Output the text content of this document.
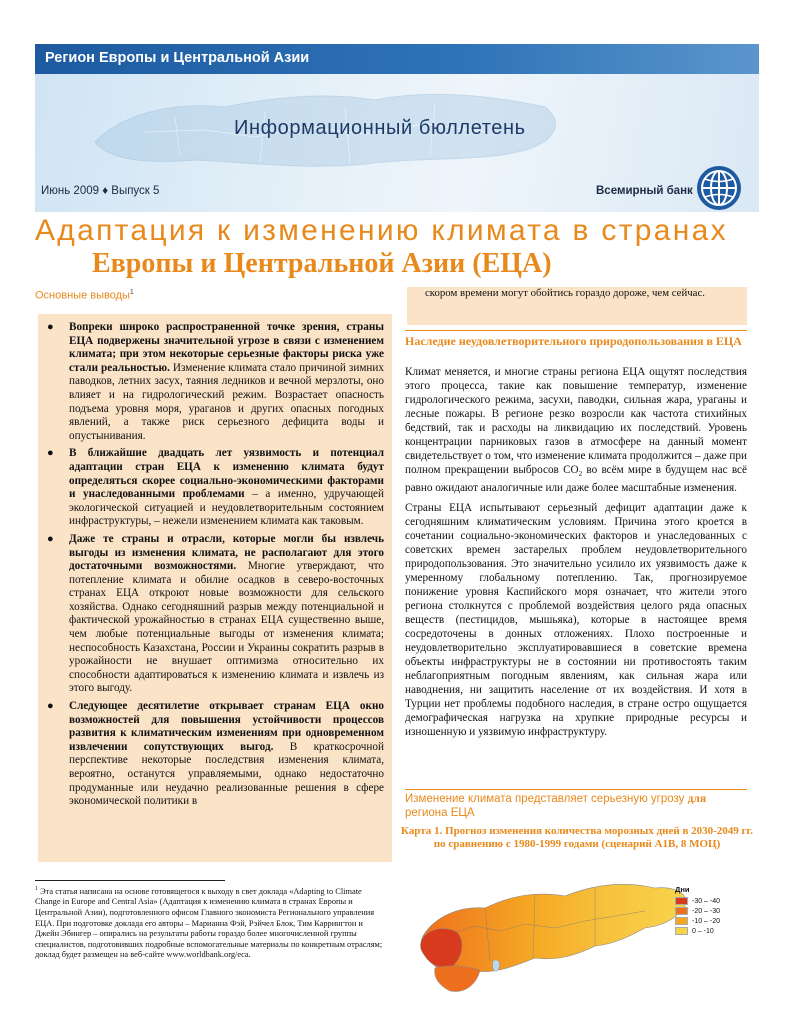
Регион Европы и Центральной Азии
Информационный бюллетень
Июнь 2009 ♦ Выпуск 5	Всемирный банк
Адаптация к изменению климата в странах
Европы и Центральной Азии (ЕЦА)
Основные выводы$^1$
● Вопреки широко распространенной точке зрения, страны ЕЦА подвержены значительной угрозе в связи с изменением климата; при этом некоторые серьезные факторы риска уже стали реальностью. Изменение климата стало причиной зимних паводков, летних засух, таяния ледников и вечной мерзлоты, оно влияет и на гидрологический режим. Возрастает опасность подъема уровня моря, ураганов и других опасных погодных явлений, а также риск серьезного дефицита воды и опустынивания.
● В ближайшие двадцать лет уязвимость и потенциал адаптации стран ЕЦА к изменению климата будут определяться скорее социально-экономическими факторами и унаследованными проблемами – а именно, удручающей экологической ситуацией и неудовлетворительным состоянием инфраструктуры, – нежели изменением климата как таковым.
● Даже те страны и отрасли, которые могли бы извлечь выгоды из изменения климата, не располагают для этого достаточными возможностями. Многие утверждают, что потепление климата и обилие осадков в северо-восточных странах ЕЦА откроют новые возможности для сельского хозяйства. Однако сегодняшний разрыв между потенциальной и фактической урожайностью в странах ЕЦА существенно выше, чем любые потенциальные выгоды от изменения климата; неспособность Казахстана, России и Украины сократить разрыв в урожайности не внушает оптимизма относительно их способности адаптироваться к изменению климата и извлечь из этого выгоду.
● Следующее десятилетие открывает странам ЕЦА окно возможностей для повышения устойчивости процессов развития к климатическим изменениям при одновременном извлечении сопутствующих выгод. В краткосрочной перспективе некоторые последствия изменения климата, вероятно, останутся управляемыми, однако недостаточно продуманные или неудачно реализованные решения в сфере экономической политики в
$^1$ Эта статья написана на основе готовящегося к выходу в свет доклада «Adapting to Climate Change in Europe and Central Asia» (Адаптация к изменению климата в странах Европы и Центральной Азии), подготовленного офисом Главного экономиста Регионального управления ЕЦА. При подготовке доклада его авторы – Марианна Фэй, Рэйчел Блок, Тим Каррингтон и Джейн Эбингер – опирались на результаты работы гораздо более многочисленной группы специалистов, подготовивших подробные вспомогательные материалы по конкретным отраслям; доклад будет размещен на веб-сайте www.worldbank.org/eca.
скором времени могут обойтись гораздо дороже, чем сейчас.
Наследие неудовлетворительного природопользования в ЕЦА

Климат меняется, и многие страны региона ЕЦА ощутят последствия этого процесса, такие как повышение температур, изменение гидрологического режима, засухи, паводки, сильная жара, ураганы и лесные пожары. В регионе резко возросли как частота стихийных бедствий, так и расходы на ликвидацию их последствий. Уровень концентрации парниковых газов в атмосфере на данный момент свидетельствует о том, что изменение климата продолжится – даже при полном прекращении выбросов $CO_2$ во всём мире в будущем нас всё равно ожидают аналогичные или даже более масштабные изменения.

Страны ЕЦА испытывают серьезный дефицит адаптации даже к сегодняшним климатическим условиям. Причина этого кроется в сочетании социально-экономических факторов и унаследованных с советских времен застарелых проблем неудовлетворительного природопользования. Это значительно усилило их уязвимость даже к умеренному глобальному потеплению. Так, прогнозируемое понижение уровня Каспийского моря означает, что жители этого региона столкнутся с проблемой воздействия целого ряда опасных веществ (пестицидов, мышьяка), которые в настоящее время сосредоточены в донных отложениях. Плохо построенные и неудовлетворительно эксплуатировавшиеся в советские времена объекты инфраструктуры не в состоянии ни противостоять таким неблагоприятным погодным явлениям, как сильная жара или наводнения, ни защитить население от их воздействия. И хотя в Турции нет проблемы подобного наследия, в стране остро ощущается демографическая нагрузка на хрупкие природные ресурсы и изношенную и уязвимую инфраструктуру.

Изменение климата представляет серьезную угрозу для
региона ЕЦА
Карта 1. Прогноз изменения количества морозных дней в 2030-2049 гг. по сравнению с 1980-1999 годами (сценарий A1B, 8 МОЦ)
Дни
-30 – -40
-20 – -30
-10 – -20
0 – -10
